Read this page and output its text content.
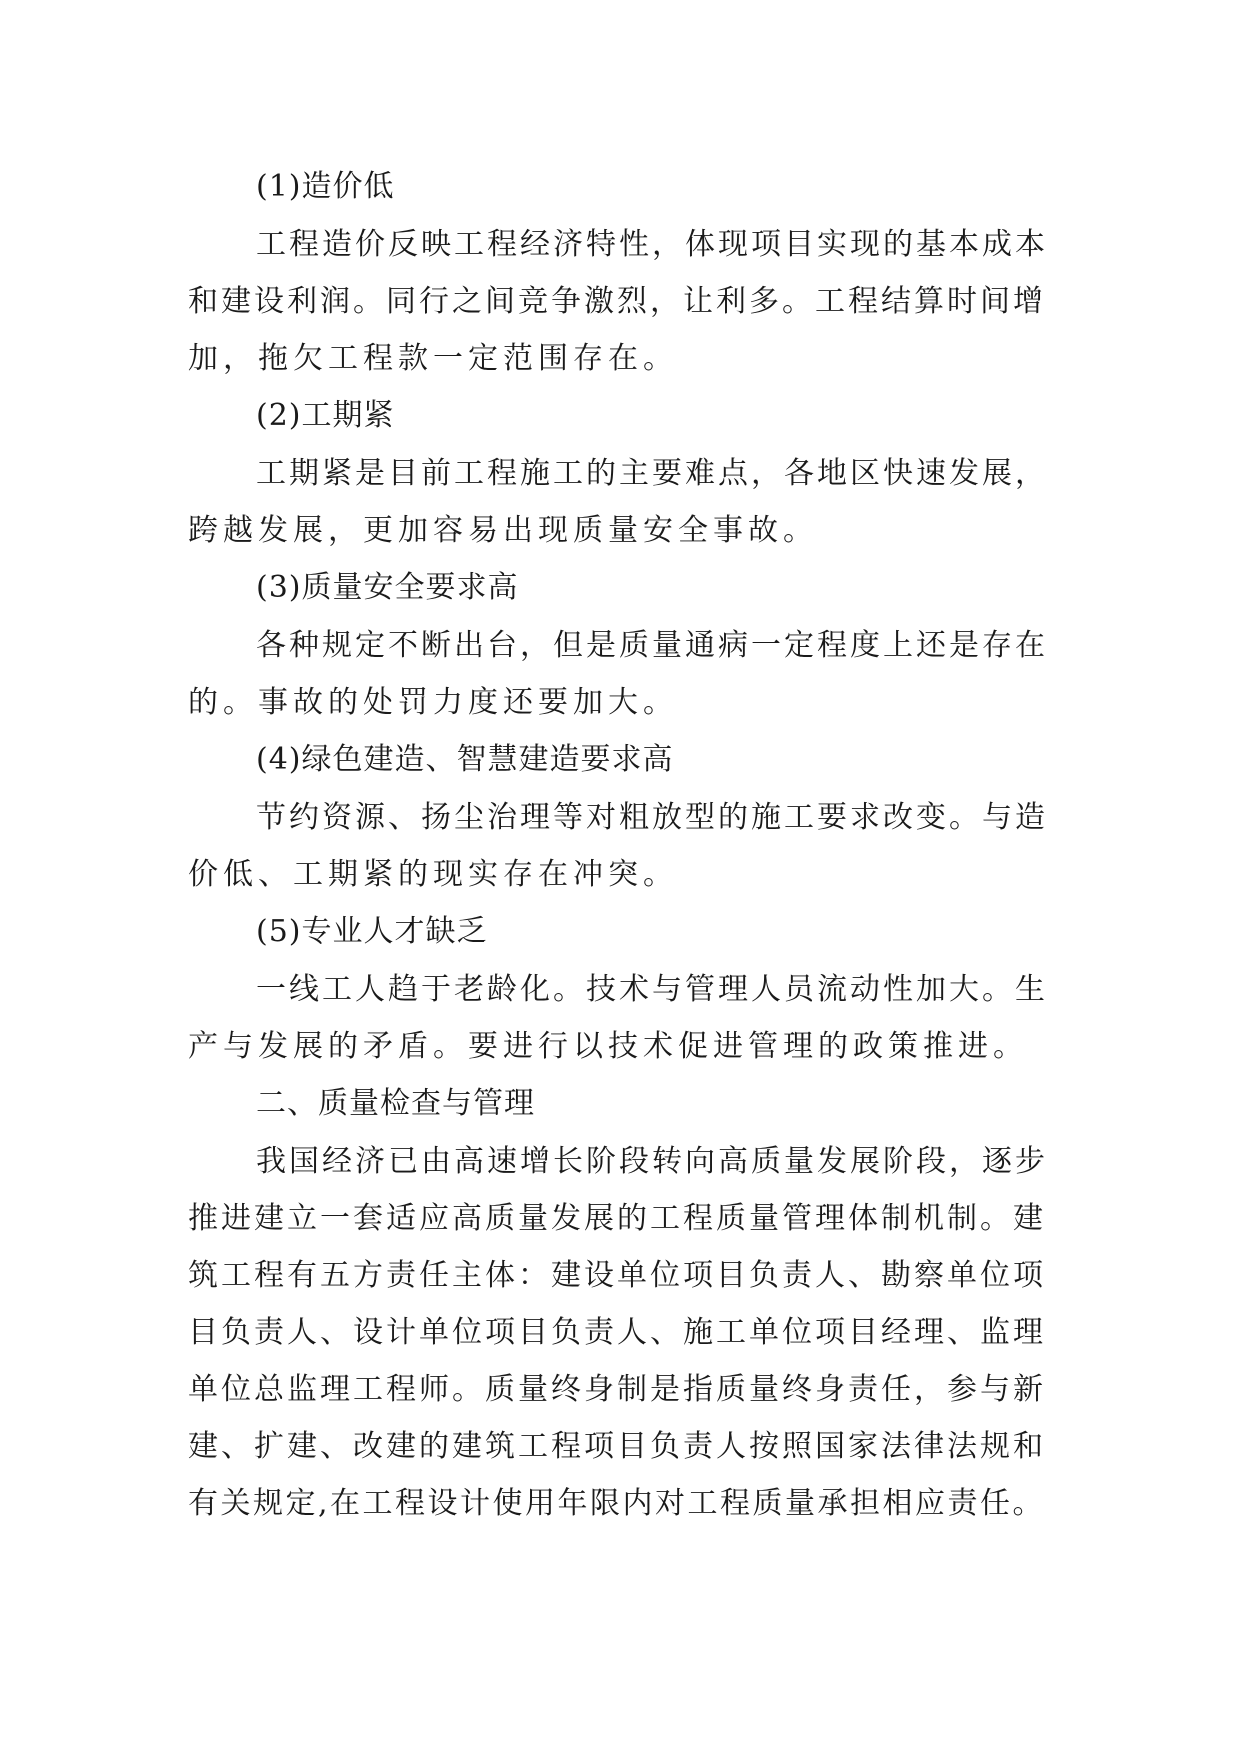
(1)造价低

工程造价反映工程经济特性，体现项目实现的基本成本
和建设利润。同行之间竞争激烈，让利多。工程结算时间增
加，拖欠工程款一定范围存在。

(2)工期紧

工期紧是目前工程施工的主要难点，各地区快速发展，
跨越发展，更加容易出现质量安全事故。

(3)质量安全要求高

各种规定不断出台，但是质量通病一定程度上还是存在
的。事故的处罚力度还要加大。

(4)绿色建造、智慧建造要求高

节约资源、扬尘治理等对粗放型的施工要求改变。与造
价低、工期紧的现实存在冲突。

(5)专业人才缺乏

一线工人趋于老龄化。技术与管理人员流动性加大。生
产与发展的矛盾。要进行以技术促进管理的政策推进。

二、质量检查与管理

我国经济已由高速增长阶段转向高质量发展阶段，逐步
推进建立一套适应高质量发展的工程质量管理体制机制。建
筑工程有五方责任主体：建设单位项目负责人、勘察单位项
目负责人、设计单位项目负责人、施工单位项目经理、监理
单位总监理工程师。质量终身制是指质量终身责任，参与新
建、扩建、改建的建筑工程项目负责人按照国家法律法规和
有关规定,在工程设计使用年限内对工程质量承担相应责任。
